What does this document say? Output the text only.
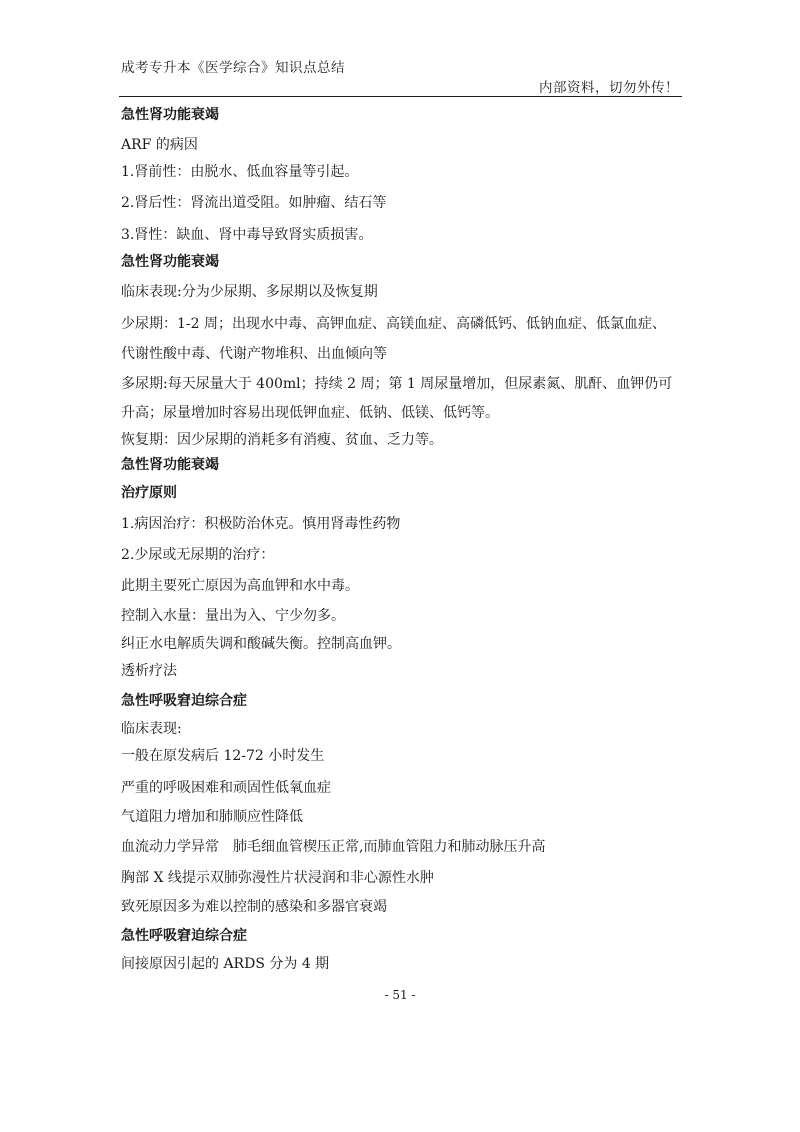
成考专升本《医学综合》知识点总结
内部资料，切勿外传！
急性肾功能衰竭
ARF 的病因
1.肾前性：由脱水、低血容量等引起。
2.肾后性：肾流出道受阻。如肿瘤、结石等
3.肾性：缺血、肾中毒导致肾实质损害。
急性肾功能衰竭
临床表现:分为少尿期、多尿期以及恢复期
少尿期：1-2 周；出现水中毒、高钾血症、高镁血症、高磷低钙、低钠血症、低氯血症、
代谢性酸中毒、代谢产物堆积、出血倾向等
多尿期:每天尿量大于 400ml；持续 2 周；第 1 周尿量增加，但尿素氮、肌酐、血钾仍可
升高；尿量增加时容易出现低钾血症、低钠、低镁、低钙等。
恢复期：因少尿期的消耗多有消瘦、贫血、乏力等。
急性肾功能衰竭
治疗原则
1.病因治疗：积极防治休克。慎用肾毒性药物
2.少尿或无尿期的治疗：
此期主要死亡原因为高血钾和水中毒。
控制入水量：量出为入、宁少勿多。
纠正水电解质失调和酸碱失衡。控制高血钾。
透析疗法
急性呼吸窘迫综合症
临床表现:
一般在原发病后 12-72 小时发生
严重的呼吸困难和顽固性低氧血症
气道阻力增加和肺顺应性降低
血流动力学异常　肺毛细血管楔压正常,而肺血管阻力和肺动脉压升高
胸部 X 线提示双肺弥漫性片状浸润和非心源性水肿
致死原因多为难以控制的感染和多器官衰竭
急性呼吸窘迫综合症
间接原因引起的 ARDS 分为 4 期
- 51 -
